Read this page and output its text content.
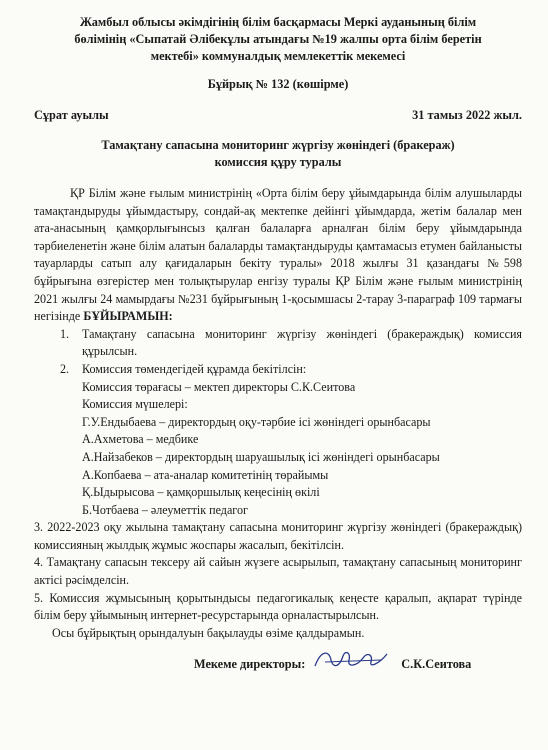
Жамбыл облысы әкімдігінің білім басқармасы Меркі ауданының білім
бөлімінің «Сыпатай Әлібекұлы атындағы №19 жалпы орта білім беретін
мектебі» коммуналдық мемлекеттік мекемесі
Бұйрық № 132 (көшірме)
Сұрат ауылы	31 тамыз 2022 жыл.
Тамақтану сапасына мониторинг жүргізу жөніндегі (бракераж)
комиссия құру туралы

ҚР Білім және ғылым министрінің «Орта білім беру ұйымдарында білім алушыларды тамақтандыруды ұйымдастыру, сондай-ақ мектепке дейінгі ұйымдарда, жетім балалар мен ата-анасының қамқорлығынсыз қалған балаларға арналған білім беру ұйымдарында тәрбиеленетін және білім алатын балаларды тамақтандыруды қамтамасыз етумен байланысты тауарларды сатып алу қағидаларын бекіту туралы» 2018 жылғы 31 қазандағы №598 бұйрығына өзгерістер мен толықтырулар енгізу туралы ҚР Білім және ғылым министрінің 2021 жылғы 24 мамырдағы №231 бұйрығының 1-қосымшасы 2-тарау 3-параграф 109 тармағы негізінде БҰЙЫРАМЫН:

1. Тамақтану сапасына мониторинг жүргізу жөніндегі (бракераждық) комиссия құрылсын.
2. Комиссия төмендегідей құрамда бекітілсін:
Комиссия төрағасы – мектеп директоры С.К.Сеитова
Комиссия мүшелері:
Г.У.Ендыбаева – директордың оқу-тәрбие ісі жөніндегі орынбасары
А.Ахметова – медбике
А.Найзабеков – директордың шаруашылық ісі жөніндегі орынбасары
А.Копбаева – ата-аналар комитетінің төрайымы
Қ.Ыдырысова – қамқоршылық кеңесінің өкілі
Б.Чотбаева – әлеуметтік педагог

3. 2022-2023 оқу жылына тамақтану сапасына мониторинг жүргізу жөніндегі (бракераждық) комиссияның жылдық жұмыс жоспары жасалып, бекітілсін.

4. Тамақтану сапасын тексеру ай сайын жүзеге асырылып, тамақтану сапасының мониторинг актісі рәсімделсін.

5. Комиссия жұмысының қорытындысы педагогикалық кеңесте қаралып, ақпарат түрінде білім беру ұйымының интернет-ресурстарында орналастырылсын.

Осы бұйрықтың орындалуын бақылауды өзіме қалдырамын.

Мекеме директоры:	С.К.Сеитова
